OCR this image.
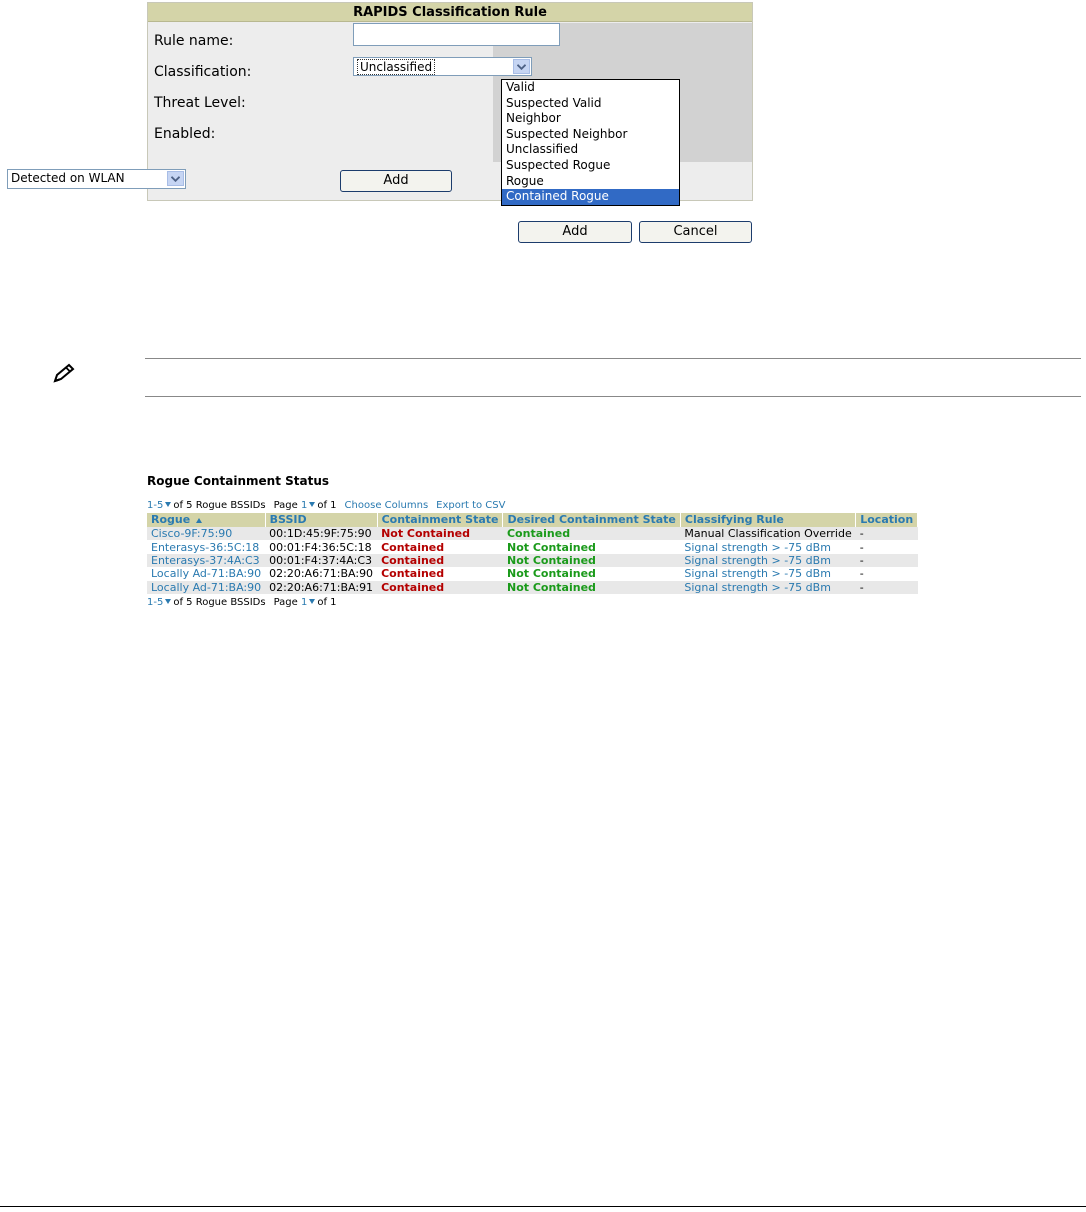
RAPIDS Classification Rule
Rule name:
Classification:
Threat Level:
Enabled:
Unclassified
Detected on WLAN	Add
Valid
Suspected Valid
Neighbor
Suspected Neighbor
Unclassified
Suspected Rogue
Rogue
Contained Rogue
Add	Cancel
Rogue Containment Status
1-5 of 5 Rogue BSSIDs Page 1 of 1 Choose Columns Export to CSV
Rogue	BSSID	Containment State	Desired Containment State	Classifying Rule	Location
Cisco-9F:75:90	00:1D:45:9F:75:90	Not Contained	Contained	Manual Classification Override	-
Enterasys-36:5C:18	00:01:F4:36:5C:18	Contained	Not Contained	Signal strength > -75 dBm	-
Enterasys-37:4A:C3	00:01:F4:37:4A:C3	Contained	Not Contained	Signal strength > -75 dBm	-
Locally Ad-71:BA:90	02:20:A6:71:BA:90	Contained	Not Contained	Signal strength > -75 dBm	-
Locally Ad-71:BA:90	02:20:A6:71:BA:91	Contained	Not Contained	Signal strength > -75 dBm	-
1-5 of 5 Rogue BSSIDs Page 1 of 1
